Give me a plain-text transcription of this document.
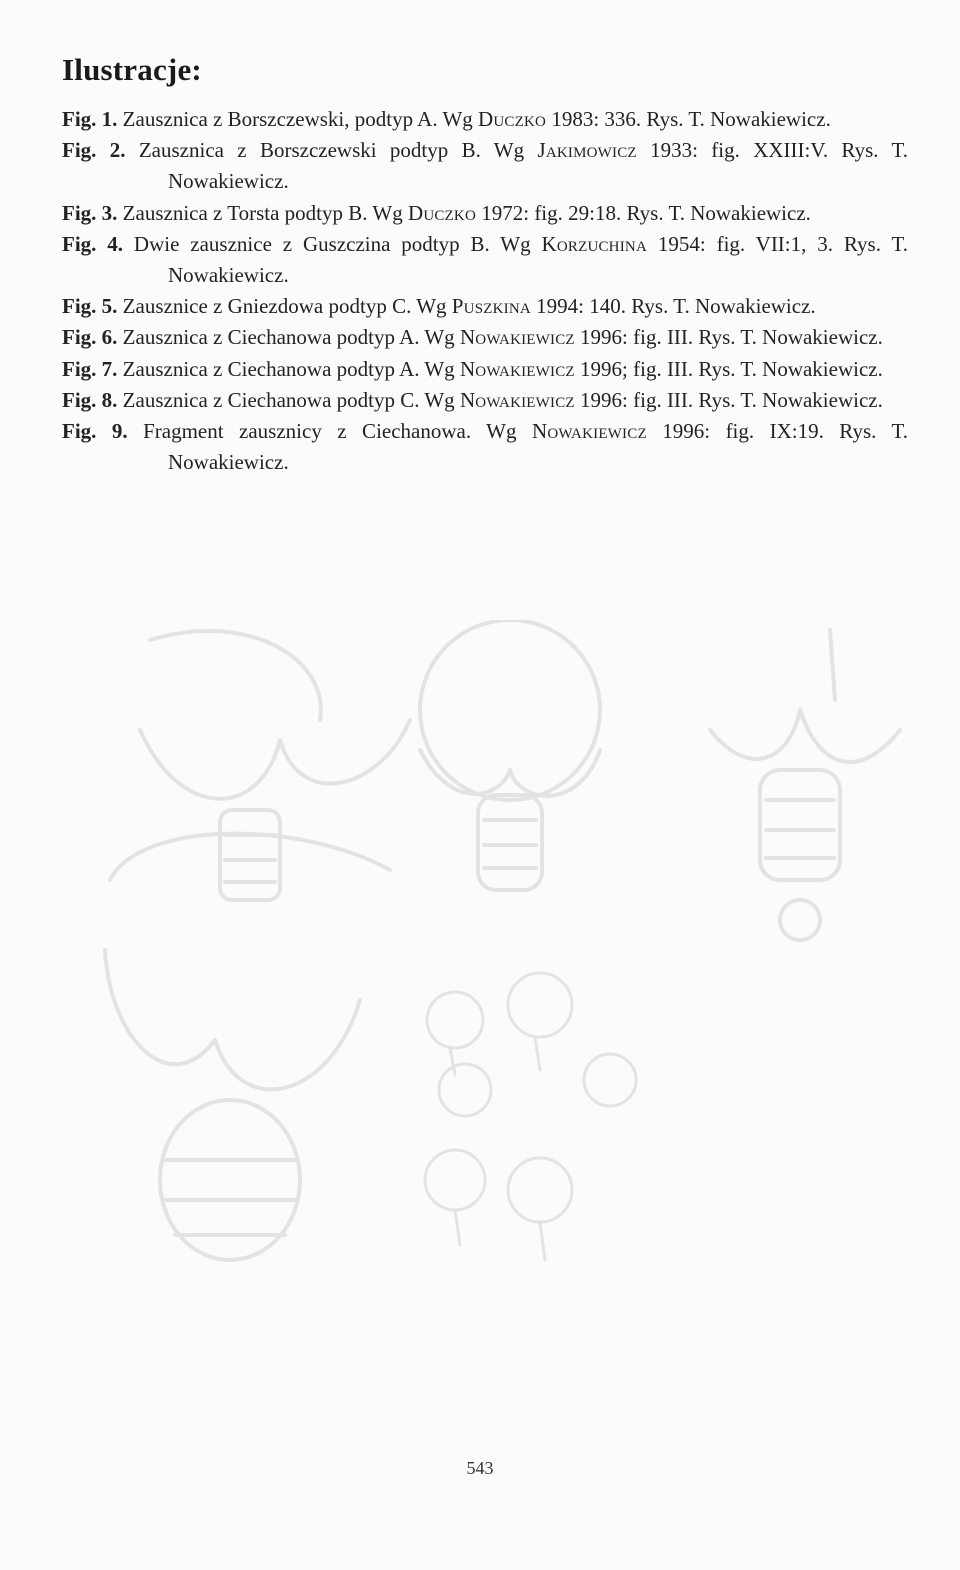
Ilustracje:
Fig. 1. Zausznica z Borszczewski, podtyp A. Wg Duczko 1983: 336. Rys. T. Nowakiewicz.
Fig. 2. Zausznica z Borszczewski podtyp B. Wg Jakimowicz 1933: fig. XXIII:V. Rys. T. Nowakiewicz.
Fig. 3. Zausznica z Torsta podtyp B. Wg Duczko 1972: fig. 29:18. Rys. T. Nowakiewicz.
Fig. 4. Dwie zausznice z Guszczina podtyp B. Wg Korzuchina 1954: fig. VII:1, 3. Rys. T. Nowakiewicz.
Fig. 5. Zausznice z Gniezdowa podtyp C. Wg Puszkina 1994: 140. Rys. T. Nowakiewicz.
Fig. 6. Zausznica z Ciechanowa podtyp A. Wg Nowakiewicz 1996: fig. III. Rys. T. Nowakiewicz.
Fig. 7. Zausznica z Ciechanowa podtyp A. Wg Nowakiewicz 1996; fig. III. Rys. T. Nowakiewicz.
Fig. 8. Zausznica z Ciechanowa podtyp C. Wg Nowakiewicz 1996: fig. III. Rys. T. Nowakiewicz.
Fig. 9. Fragment zausznicy z Ciechanowa. Wg Nowakiewicz 1996: fig. IX:19. Rys. T. Nowakiewicz.
543
